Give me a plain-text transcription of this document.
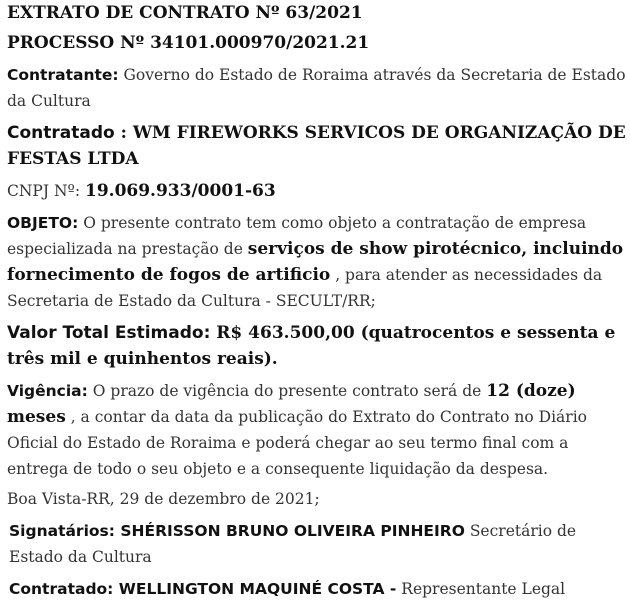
EXTRATO DE CONTRATO Nº 63/2021
PROCESSO Nº 34101.000970/2021.21
Contratante: Governo do Estado de Roraima através da Secretaria de Estado da Cultura
Contratado : WM FIREWORKS SERVICOS DE ORGANIZAÇÃO DE FESTAS LTDA
CNPJ Nº: 19.069.933/0001-63
OBJETO: O presente contrato tem como objeto a contratação de empresa especializada na prestação de serviços de show pirotécnico, incluindo fornecimento de fogos de artificio , para atender as necessidades da Secretaria de Estado da Cultura - SECULT/RR;
Valor Total Estimado: R$ 463.500,00 (quatrocentos e sessenta e três mil e quinhentos reais).
Vigência: O prazo de vigência do presente contrato será de 12 (doze) meses , a contar da data da publicação do Extrato do Contrato no Diário Oficial do Estado de Roraima e poderá chegar ao seu termo final com a entrega de todo o seu objeto e a consequente liquidação da despesa.
Boa Vista-RR, 29 de dezembro de 2021;
Signatários: SHÉRISSON BRUNO OLIVEIRA PINHEIRO Secretário de Estado da Cultura
Contratado: WELLINGTON MAQUINÉ COSTA - Representante Legal
